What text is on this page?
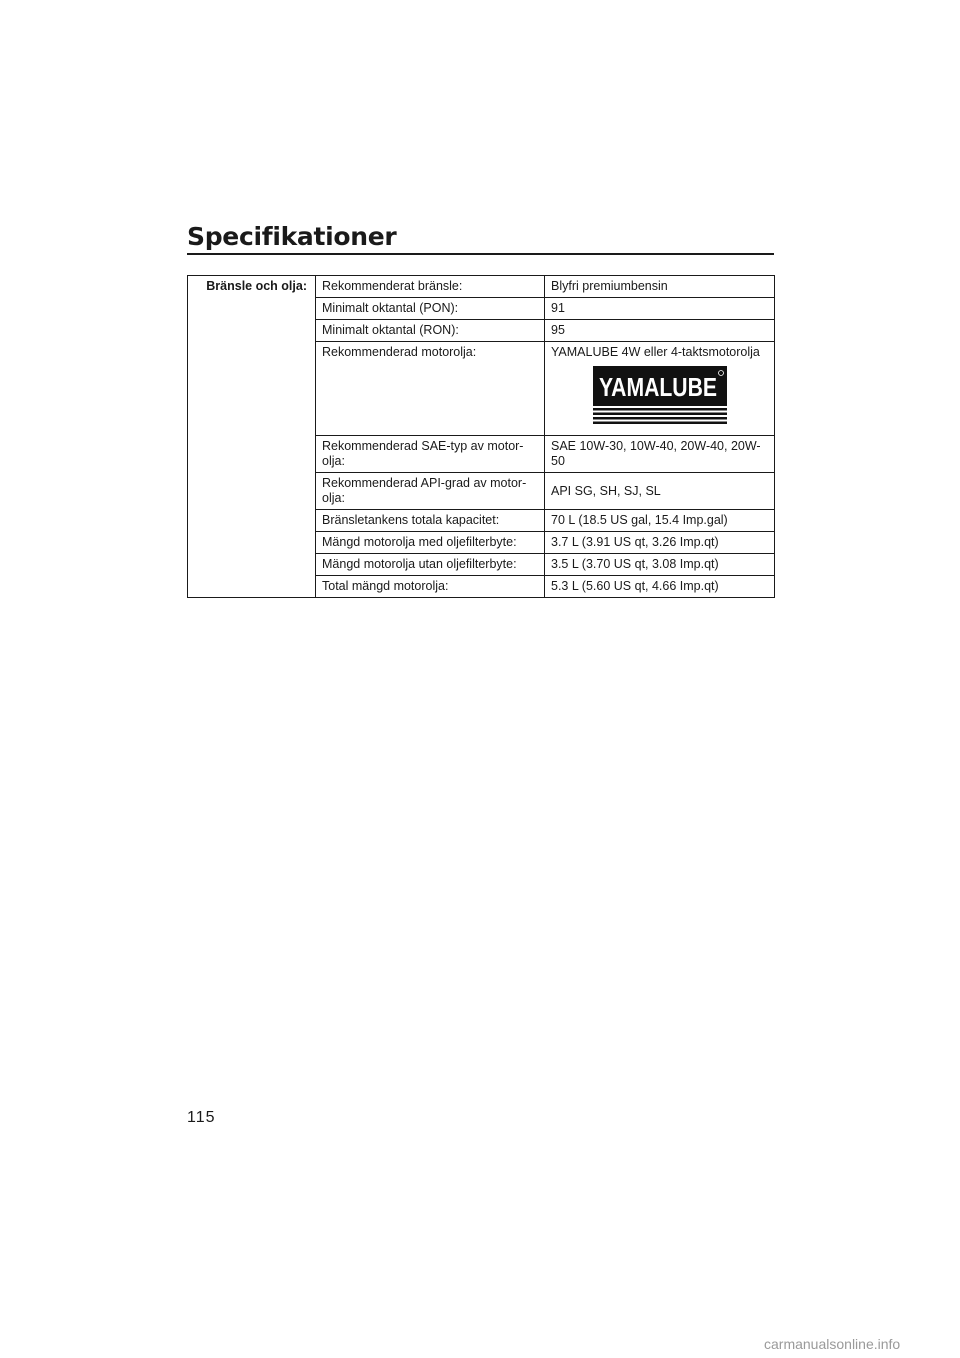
Specifikationer
Bränsle och olja:	Rekommenderat bränsle:	Blyfri premiumbensin
	Minimalt oktantal (PON):	91
	Minimalt oktantal (RON):	95
	Rekommenderad motorolja:	YAMALUBE 4W eller 4-taktsmotorolja
YAMALUBE

	Rekommenderad SAE-typ av motor-olja:	SAE 10W-30, 10W-40, 20W-40, 20W-50
	Rekommenderad API-grad av motor-olja:	API SG, SH, SJ, SL
	Bränsletankens totala kapacitet:	70 L (18.5 US gal, 15.4 Imp.gal)
	Mängd motorolja med oljefilterbyte:	3.7 L (3.91 US qt, 3.26 Imp.qt)
	Mängd motorolja utan oljefilterbyte:	3.5 L (3.70 US qt, 3.08 Imp.qt)
	Total mängd motorolja:	5.3 L (5.60 US qt, 4.66 Imp.qt)
115
carmanualsonline.info
